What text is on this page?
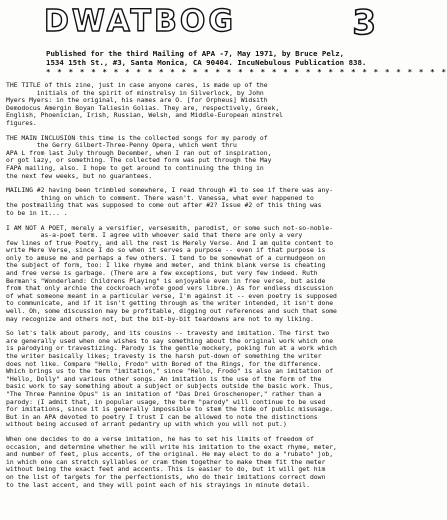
DWATBOG	3
Published for the third Mailing of APA -7, May 1971, by Bruce Pelz,
1534 15th St., #3, Santa Monica, CA 90404. IncuNebulous Publication 838.
* * * * * * * * * * * * * * * * * * * * * * * * * * * * * * * * * * * *
THE TITLE of this zine, just in case anyone cares, is made up of the
initials of the spirit of minstrelsy in Silverlock, by John
Myers Myers: in the original, his names are O. [for Orpheus] Widsith
Demodocus Amergin Boyan Taliesin Golias. They are, respectively, Greek,
English, Phoenician, Irish, Russian, Welsh, and Middle-European minstrel
figures.
THE MAIN INCLUSION this time is the collected songs for my parody of
the Gerry Gilbert-Three-Penny Opera, which went thru
APA L from last July through December, when I ran out of inspiration,
or got lazy, or something. The collected form was put through the May
FAPA mailing, also. I hope to get around to continuing the thing in
the next few weeks, but no guarantees.
MAILING #2 having been trimbled somewhere, I read through #1 to see if there was any-
thing on which to comment. There wasn't. Vanessa, what ever happened to
the postmailing that was supposed to come out after #2? Issue #2 of this thing was
to be in it... .
I AM NOT A POET, merely a versifier, versesmith, parodist, or some such not-so-noble-
as-a-poet term. I agree with whoever said that there are only a very
few lines of true Poetry, and all the rest is Merely Verse. And I am quite content to
write Mere Verse, since I do so when it serves a purpose -- even if that purpose is
only to amuse me and perhaps a few others. I tend to be somewhat of a curmudgeon on
the subject of form, too: I like rhyme and meter, and think blank verse is cheating
and free verse is garbage. (There are a few exceptions, but very few indeed. Ruth
Berman's "Wonderland: Childrens Playing" is enjoyable even in free verse, but aside
from that only archie the cockroach wrote good vers libre.) As for endless discussion
of what someone meant in a particular verse, I'm against it -- even poetry is supposed
to communicate, and if it isn't getting through as the writer intended, it isn't done
well. Oh, some discussion may be profitable, digging out references and such that some
may recognize and others not, but the bit-by-bit teardowns are not to my liking.
So let's talk about parody, and its cousins -- travesty and imitation. The first two
are generally used when one wishes to say something about the original work which one
is parodying or travestizing. Parody is the gentle mockery, poking fun at a work which
the writer basically likes; travesty is the harsh put-down of something the writer
does not like. Compare "Hello, Frodo" with Bored of the Rings, for the difference.
Which brings us to the term "imitation," since "Hello, Frodo" is also an imitation of
"Hello, Dolly" and various other songs. An imitation is the use of the form of the
basic work to say something about a subject or subjects outside the basic work. Thus,
"The Three Pannine Opus" is an imitation of "Das Drei Groschenoper," rather than a
parody: (I admit that, in popular usage, the term "parody" will continue to be used
for imitations, since it is generally impossible to stem the tide of public misusage.
But in an APA devoted to poetry I trust I can be allowed to note the distinctions
without being accused of arrant pedantry up with which you will not put.)
When one decides to do a verse imitation, he has to set his limits of freedom of
occasion, and determine whether he will write his imitation to the exact rhyme, meter,
and number of feet, plus accents, of the original. He may elect to do a "rubato" job,
in which one can stretch syllables or cram them together to make them fit the meter
without being the exact feet and accents. This is easier to do, but it will get him
on the list of targets for the perfectionists, who do their imitations correct down
to the last accent, and they will point each of his strayings in minute detail.
